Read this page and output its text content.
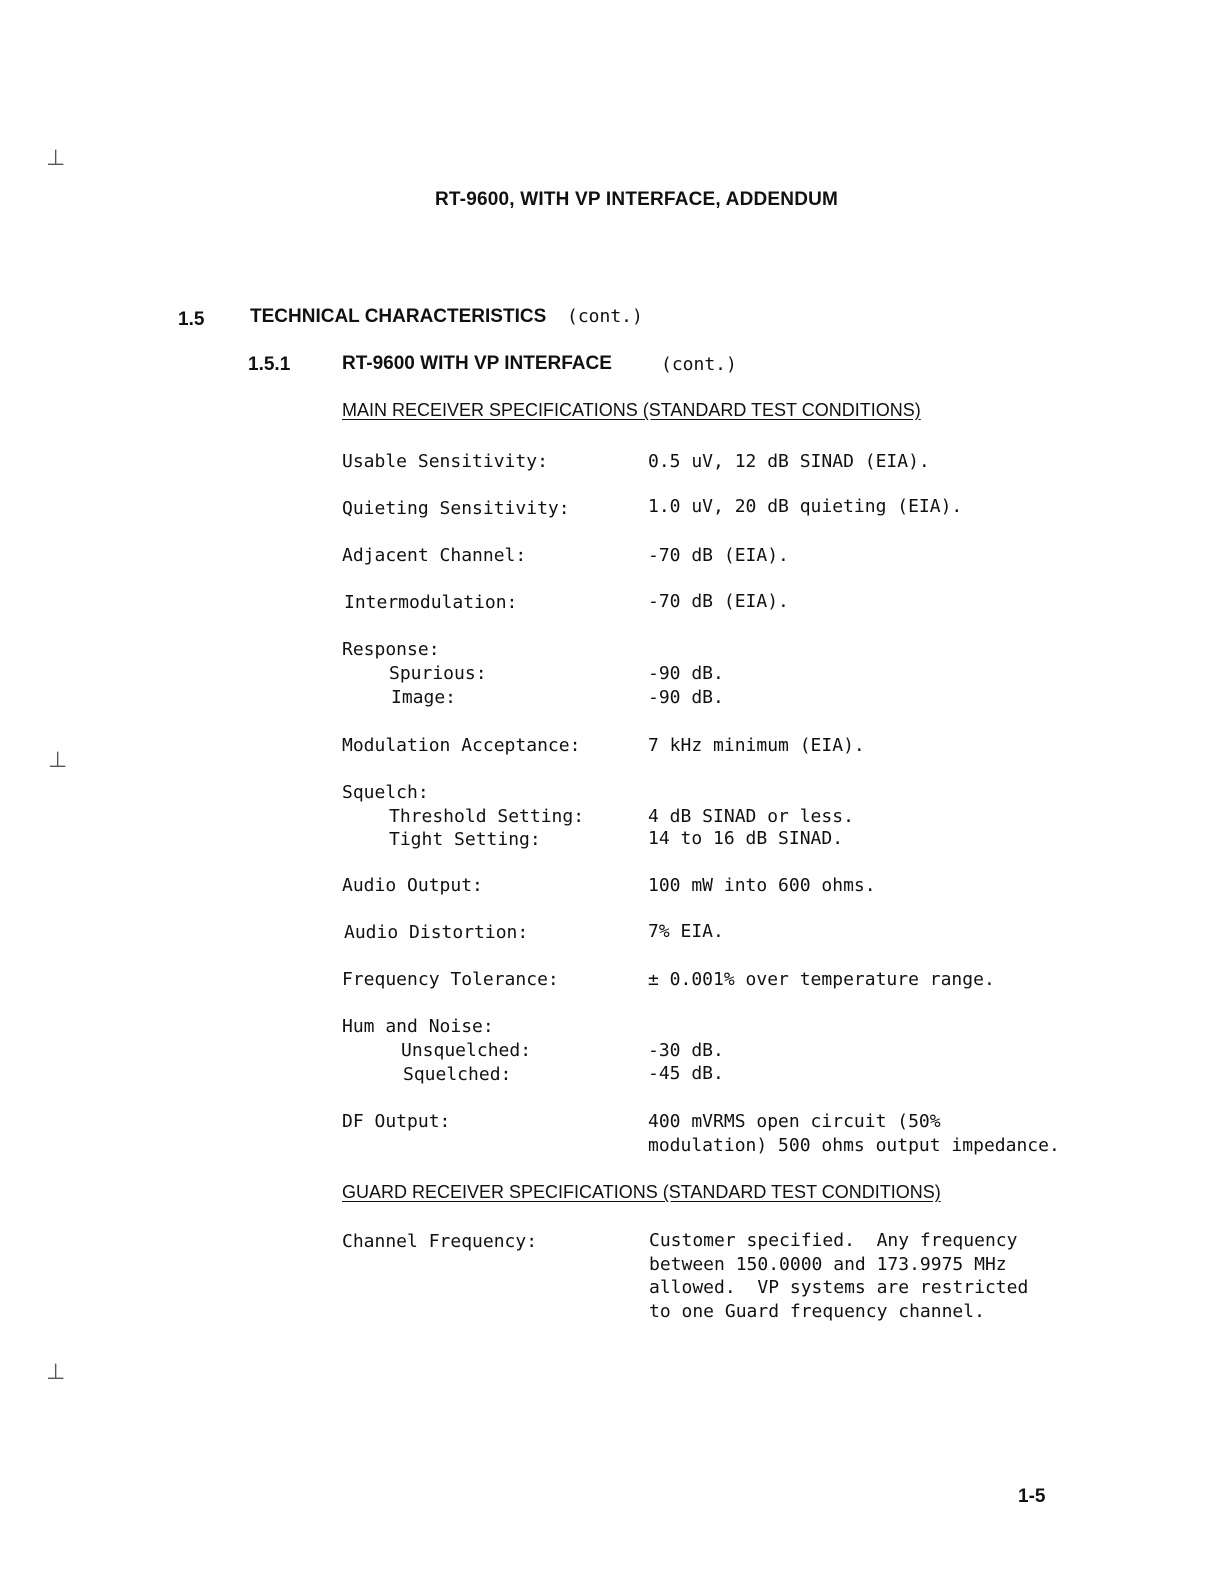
⊥
⊥
⊥
RT-9600, WITH VP INTERFACE, ADDENDUM
1.5 TECHNICAL CHARACTERISTICS (cont.)
1.5.1	RT-9600 WITH VP INTERFACE	(cont.)
MAIN RECEIVER SPECIFICATIONS (STANDARD TEST CONDITIONS)
Usable Sensitivity:	0.5 uV, 12 dB SINAD (EIA).
Quieting Sensitivity:	1.0 uV, 20 dB quieting (EIA).
Adjacent Channel:	-70 dB (EIA).
Intermodulation:	-70 dB (EIA).
Response:
Spurious:	-90 dB.
Image:	-90 dB.
Modulation Acceptance:	7 kHz minimum (EIA).
Squelch:
Threshold Setting:	4 dB SINAD or less.
Tight Setting:	14 to 16 dB SINAD.
Audio Output:	100 mW into 600 ohms.
Audio Distortion:	7% EIA.
Frequency Tolerance:	± 0.001% over temperature range.
Hum and Noise:
Unsquelched:	-30 dB.
Squelched:	-45 dB.
DF Output:	400 mVRMS open circuit (50%
modulation) 500 ohms output impedance.
GUARD RECEIVER SPECIFICATIONS (STANDARD TEST CONDITIONS)
Channel Frequency:	Customer specified.  Any frequency
between 150.0000 and 173.9975 MHz
allowed.  VP systems are restricted
to one Guard frequency channel.
1-5
